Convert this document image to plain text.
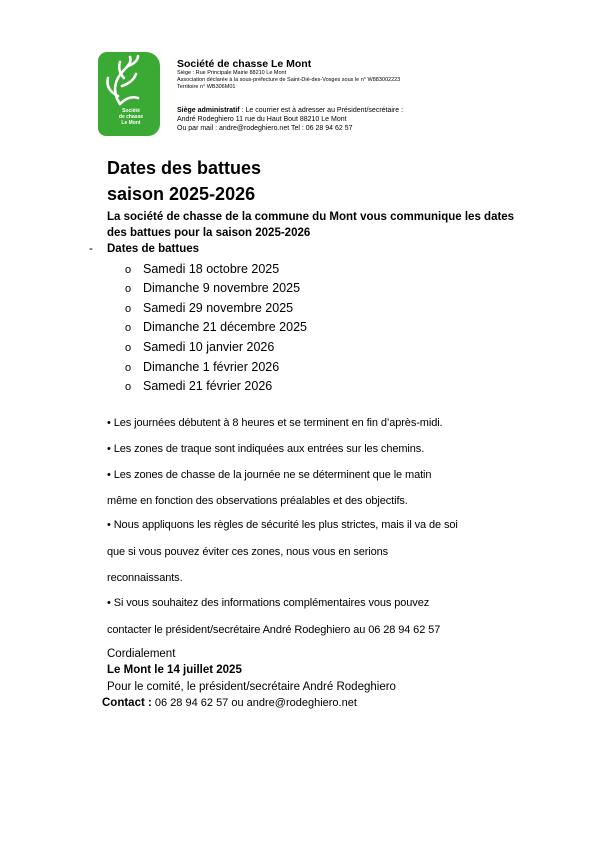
Société
de chasse
Le Mont
Société de chasse Le Mont
Siège : Rue Principale Mairie 88210 Le Mont
Association déclarée à la sous-préfecture de Saint-Dié-des-Vosges sous le n° W883002223
Territoire n° WB306M01
Siège administratif : Le courrier est à adresser au Président/secrétaire :
André Rodeghiero 11 rue du Haut Bout 88210 Le Mont
Ou par mail : andre@rodeghiero.net Tel : 06 28 94 62 57
Dates des battues
saison 2025-2026
La société de chasse de la commune du Mont vous communique les dates
des battues pour la saison 2025-2026
- Dates de battues
o Samedi 18 octobre 2025
o Dimanche 9 novembre 2025
o Samedi 29 novembre 2025
o Dimanche 21 décembre 2025
o Samedi 10 janvier 2026
o Dimanche 1 février 2026
o Samedi 21 février 2026
• Les journées débutent à 8 heures et se terminent en fin d’après-midi.
• Les zones de traque sont indiquées aux entrées sur les chemins.
• Les zones de chasse de la journée ne se déterminent que le matin
même en fonction des observations préalables et des objectifs.
• Nous appliquons les règles de sécurité les plus strictes, mais il va de soi
que si vous pouvez éviter ces zones, nous vous en serions
reconnaissants.
• Si vous souhaitez des informations complémentaires vous pouvez
contacter le président/secrétaire André Rodeghiero au 06 28 94 62 57
Cordialement
Le Mont le 14 juillet 2025
Pour le comité, le président/secrétaire André Rodeghiero
Contact : 06 28 94 62 57 ou andre@rodeghiero.net
